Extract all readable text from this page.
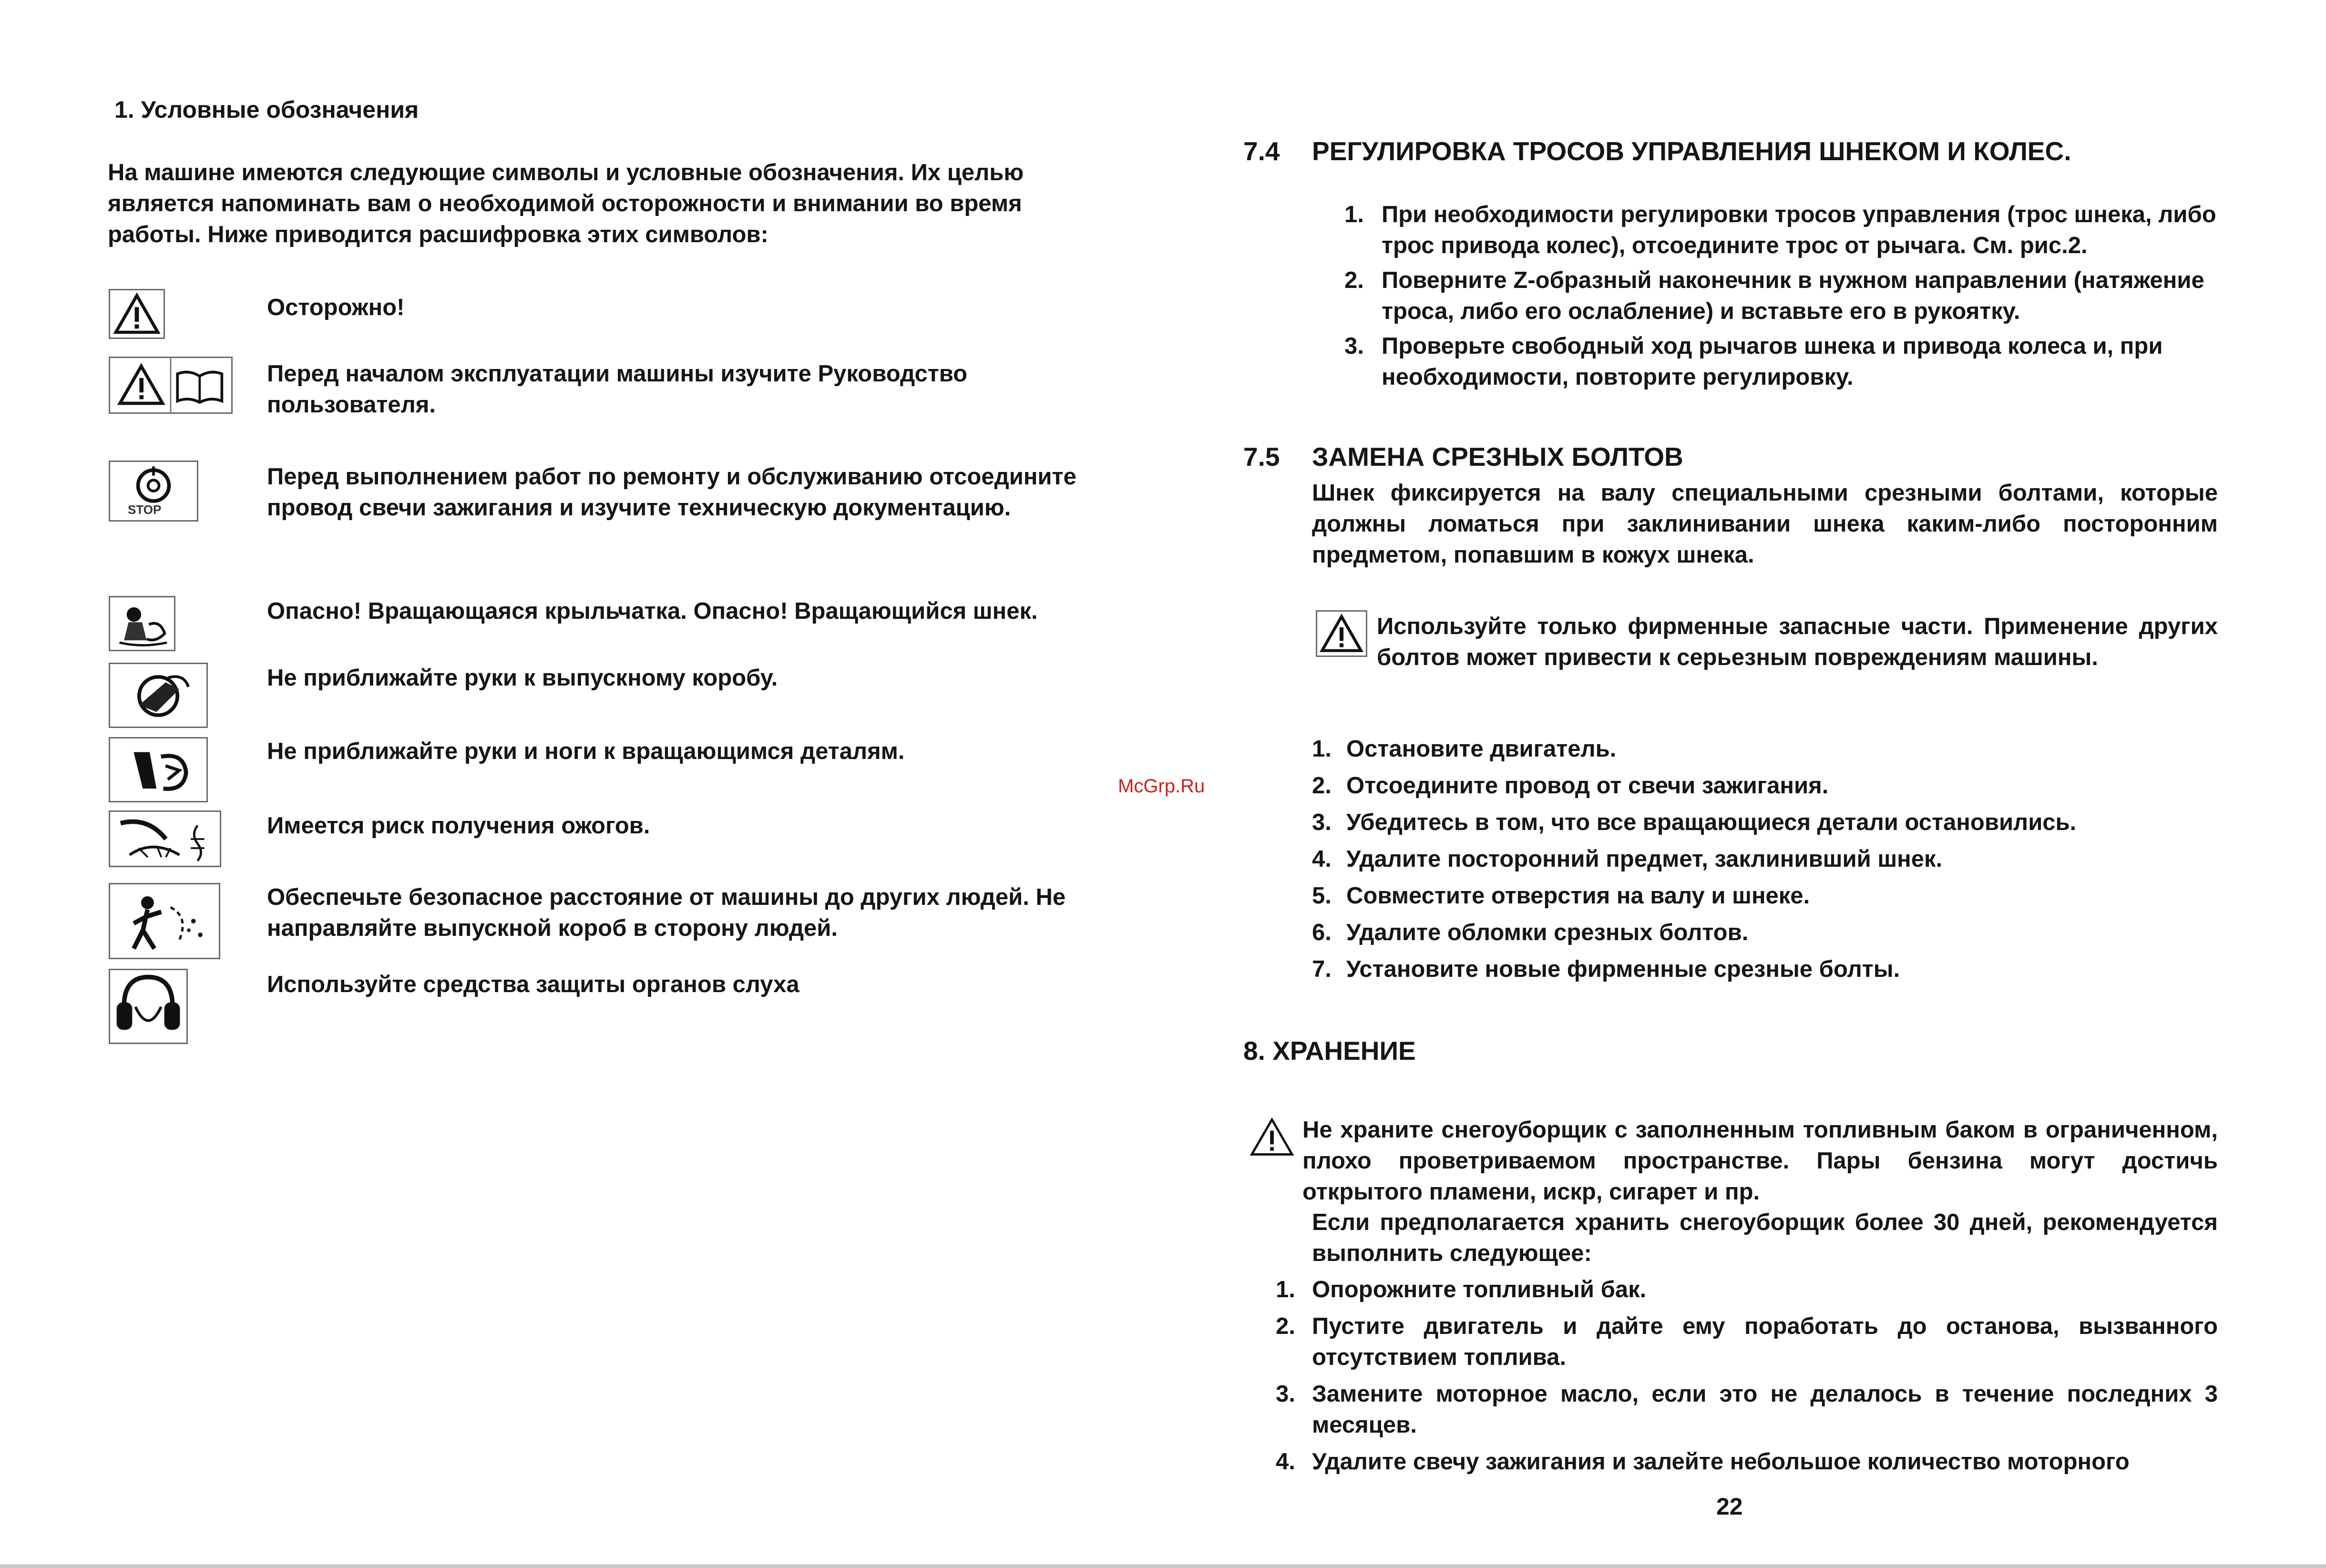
1. Условные обозначения
На машине имеются следующие символы и условные обозначения. Их целью является напоминать вам о необходимой осторожности и внимании во время работы. Ниже приводится расшифровка этих символов:
Осторожно!
Перед началом эксплуатации машины изучите Руководство пользователя.
STOP
Перед выполнением работ по ремонту и обслуживанию отсоедините провод свечи зажигания и изучите техническую документацию.
Опасно! Вращающаяся крыльчатка. Опасно! Вращающийся шнек.
Не приближайте руки к выпускному коробу.
Не приближайте руки и ноги к вращающимся деталям.
Имеется риск получения ожогов.
Обеспечьте безопасное расстояние от машины до других людей. Не направляйте выпускной короб в сторону людей.
Используйте средства защиты органов слуха
McGrp.Ru
7.4 РЕГУЛИРОВКА ТРОСОВ УПРАВЛЕНИЯ ШНЕКОМ И КОЛЕС.
1. При необходимости регулировки тросов управления (трос шнека, либо трос привода колес), отсоедините трос от рычага. См. рис.2.
2. Поверните Z-образный наконечник в нужном направлении (натяжение троса, либо его ослабление) и вставьте его в рукоятку.
3. Проверьте свободный ход рычагов шнека и привода колеса и, при необходимости, повторите регулировку.
7.5 ЗАМЕНА СРЕЗНЫХ БОЛТОВ
Шнек фиксируется на валу специальными срезными болтами, которые должны ломаться при заклинивании шнека каким-либо посторонним предметом, попавшим в кожух шнека.
Используйте только фирменные запасные части. Применение других болтов может привести к серьезным повреждениям машины.
1. Остановите двигатель.
2. Отсоедините провод от свечи зажигания.
3. Убедитесь в том, что все вращающиеся детали остановились.
4. Удалите посторонний предмет, заклинивший шнек.
5. Совместите отверстия на валу и шнеке.
6. Удалите обломки срезных болтов.
7. Установите новые фирменные срезные болты.
8. ХРАНЕНИЕ
Не храните снегоуборщик с заполненным топливным баком в ограниченном, плохо проветриваемом пространстве. Пары бензина могут достичь открытого пламени, искр, сигарет и пр.
Если предполагается хранить снегоуборщик более 30 дней, рекомендуется выполнить следующее:
1. Опорожните топливный бак.
2. Пустите двигатель и дайте ему поработать до останова, вызванного отсутствием топлива.
3. Замените моторное масло, если это не делалось в течение последних 3 месяцев.
4. Удалите свечу зажигания и залейте небольшое количество моторного
22
